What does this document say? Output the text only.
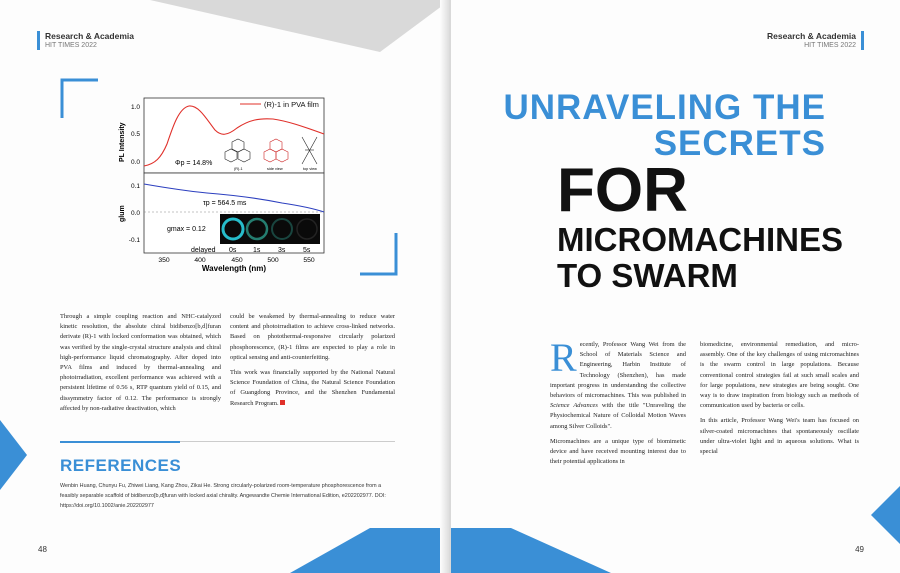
Research & Academia
HIT TIMES 2022
(R)-1 in PVA film
1.0
0.5
0.0
PL Intensity
Φp = 14.8%
(R)-1	side view	top view
0.1
0.0
-0.1
glum
τp = 564.5 ms
gmax = 0.12
delayed 0s 1s	3s	5s
350	400	450	500	550
Wavelength (nm)

Through a simple coupling reaction and NHC-catalyzed kinetic resolution, the absolute chiral bidibenzo[b,d]furan derivate (R)-1 with locked conformation was obtained, which was verified by the single-crystal structure analysis and chiral high-performance liquid chromatography. After doped into PVA films and induced by thermal-annealing and photoirradiation, excellent performance was achieved with a persistent lifetime of 0.56 s, RTP quantum yield of 0.15, and dissymmetry factor of 0.12. The performance is strongly affected by non-radiative deactivation, which

could be weakened by thermal-annealing to reduce water content and photoirradiation to achieve cross-linked networks. Based on photothermal-responsive circularly polarized phosphorescence, (R)-1 films are expected to play a role in optical sensing and anti-counterfeiting.

This work was financially supported by the National Natural Science Foundation of China, the Natural Science Foundation of Guangdong Province, and the Shenzhen Fundamental Research Program.

REFERENCES
Wenbin Huang, Chunyu Fu, Zhiwei Liang, Kang Zhou, Zikai He. Strong circularly-polarized room-temperature phosphorescence from a feasibly separable scaffold of bidibenzo[b,d]furan with locked axial chirality. Angewandte Chemie International Edition, e202202977. DOI: https://doi.org/10.1002/anie.202202977
48
Research & Academia
HIT TIMES 2022
UNRAVELING THE
SECRETS
FOR
MICROMACHINES
TO SWARM

Recently, Professor Wang Wei from the School of Materials Science and Engineering, Harbin Institute of Technology (Shenzhen), has made important progress in understanding the collective behaviors of micromachines. This was published in Science Advances with the title "Unraveling the Physiochemical Nature of Colloidal Motion Waves among Silver Colloids".

Micromachines are a unique type of biomimetic device and have received mounting interest due to their potential applications in

biomedicine, environmental remediation, and micro-assembly. One of the key challenges of using micromachines is the swarm control in large populations. Because conventional control strategies fail at such small scales and for large populations, new strategies are being sought. One way is to draw inspiration from biology such as methods of communication used by bacteria or cells.

In this article, Professor Wang Wei's team has focused on silver-coated micromachines that spontaneously oscillate under ultra-violet light and in aqueous solutions. What is special

49
